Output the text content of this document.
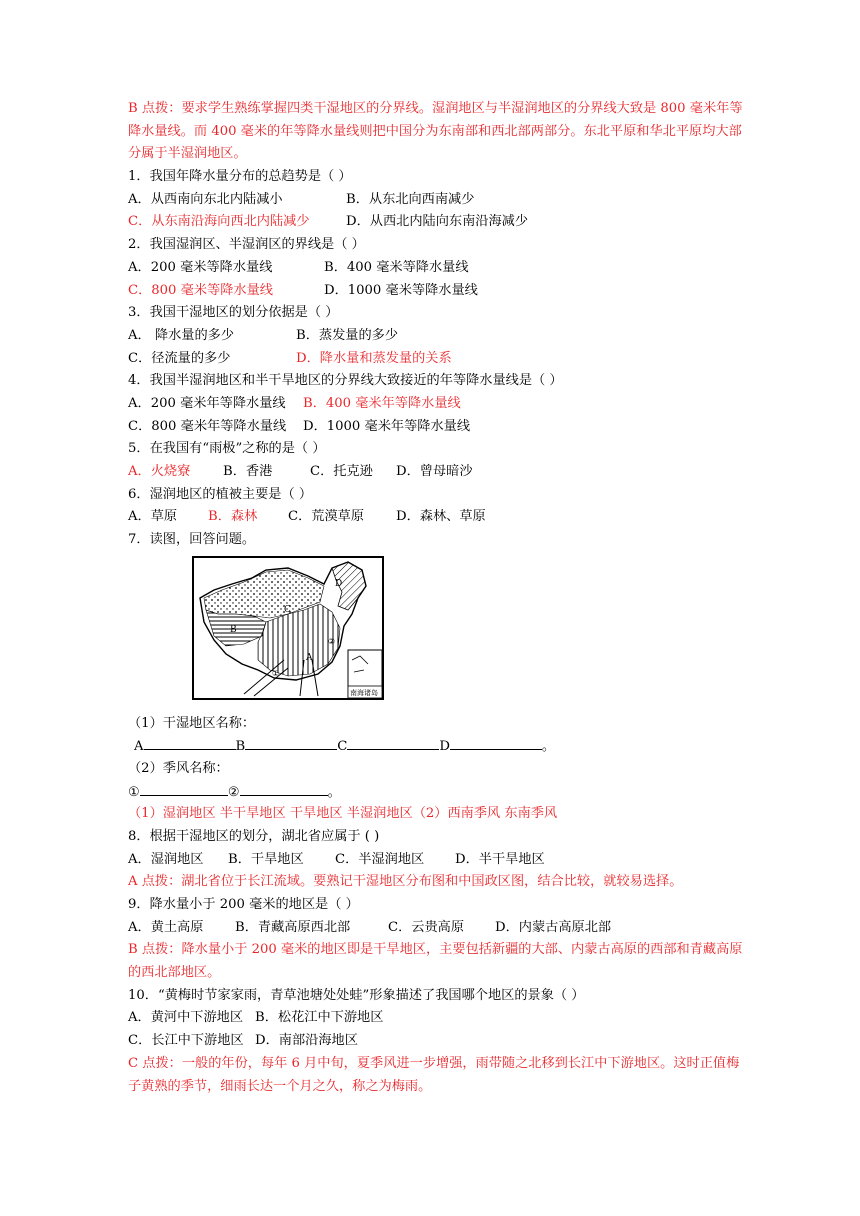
B 点拨：要求学生熟练掌握四类干湿地区的分界线。湿润地区与半湿润地区的分界线大致是 800 毫米年等降水量线。而 400 毫米的年等降水量线则把中国分为东南部和西北部两部分。东北平原和华北平原均大部分属于半湿润地区。
1．我国年降水量分布的总趋势是（ ）
A．从西南向东北内陆减小	B．从东北向西南减少
C．从东南沿海向西北内陆减少	D．从西北内陆向东南沿海减少
2．我国湿润区、半湿润区的界线是（ ）
A．200 毫米等降水量线	B．400 毫米等降水量线
C．800 毫米等降水量线	D．1000 毫米等降水量线
3．我国干湿地区的划分依据是（ ）
A． 降水量的多少	B．蒸发量的多少
C．径流量的多少	D．降水量和蒸发量的关系
4．我国半湿润地区和半干旱地区的分界线大致接近的年等降水量线是（ ）
A．200 毫米年等降水量线 B．400 毫米年等降水量线
C．800 毫米年等降水量线 D．1000 毫米年等降水量线
5．在我国有“雨极”之称的是（ ）
A．火烧寮 B．香港	C．托克逊 D．曾母暗沙
6．湿润地区的植被主要是（ ）
A．草原 B．森林 C．荒漠草原 D．森林、草原
7．读图，回答问题。
D
C
B
A
①
②
南海诸岛
（1）干湿地区名称：
A	B	C	D	。
（2）季风名称：
①	②	。
（1）湿润地区 半干旱地区 干旱地区 半湿润地区（2）西南季风 东南季风
8．根据干湿地区的划分，湖北省应属于 ( )
A．湿润地区 B．干旱地区 C．半湿润地区 D．半干旱地区
A 点拨：湖北省位于长江流域。要熟记干湿地区分布图和中国政区图，结合比较，就较易选择。
9．降水量小于 200 毫米的地区是（ ）
A．黄土高原 B．青藏高原西北部	C．云贵高原 D．内蒙古高原北部
B 点拨：降水量小于 200 毫米的地区即是干旱地区，主要包括新疆的大部、内蒙古高原的西部和青藏高原的西北部地区。
10．“黄梅时节家家雨，青草池塘处处蛙”形象描述了我国哪个地区的景象（ ）
A．黄河中下游地区 B．松花江中下游地区
C．长江中下游地区 D．南部沿海地区
C 点拨：一般的年份，每年 6 月中旬，夏季风进一步增强，雨带随之北移到长江中下游地区。这时正值梅子黄熟的季节，细雨长达一个月之久，称之为梅雨。
